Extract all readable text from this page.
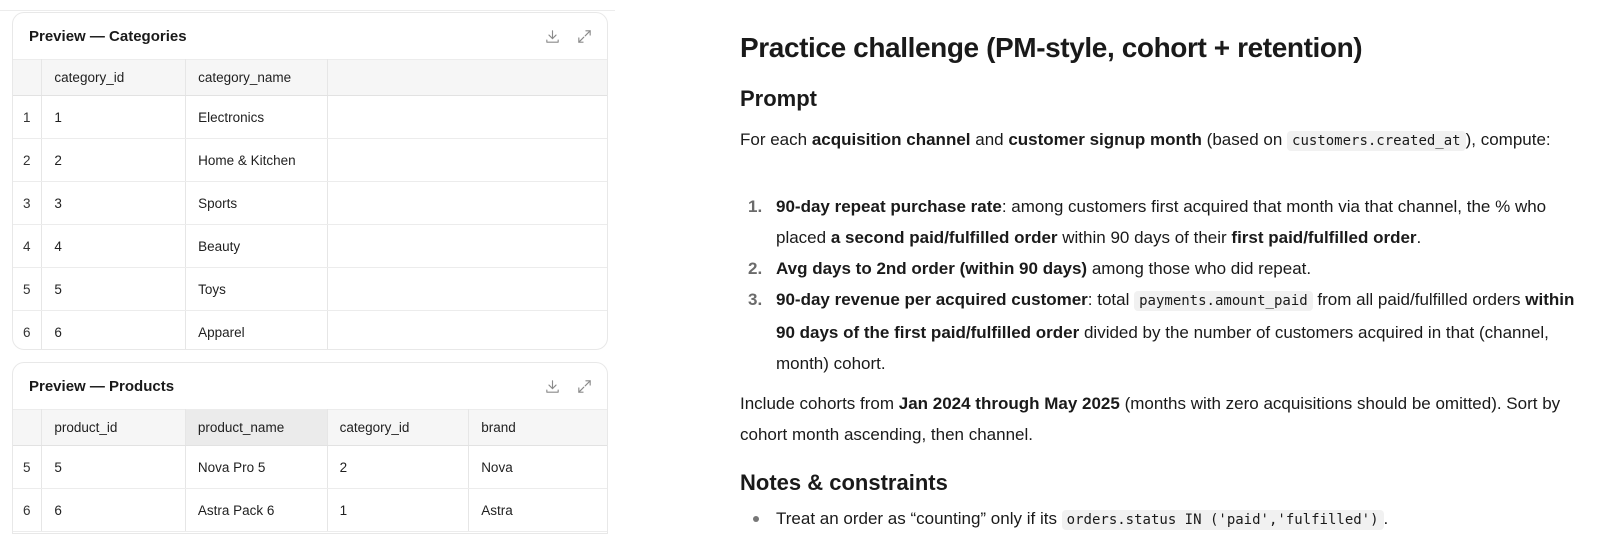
Preview — Categories
	category_id	category_name	
1	1	Electronics	
2	2	Home & Kitchen	
3	3	Sports	
4	4	Beauty	
5	5	Toys	
6	6	Apparel	
Preview — Products
	product_id	product_name	category_id	brand
5	5	Nova Pro 5	2	Nova
6	6	Astra Pack 6	1	Astra
Practice challenge (PM-style, cohort + retention)
Prompt

For each acquisition channel and customer signup month (based on customers.created_at ), compute:

1. 90-day repeat purchase rate: among customers first acquired that month via that channel, the % who placed a second paid/fulfilled order within 90 days of their first paid/fulfilled order.
2. Avg days to 2nd order (within 90 days) among those who did repeat.
3. 90-day revenue per acquired customer: total payments.amount_paid from all paid/fulfilled orders within 90 days of the first paid/fulfilled order divided by the number of customers acquired in that (channel, month) cohort.

Include cohorts from Jan 2024 through May 2025 (months with zero acquisitions should be omitted). Sort by cohort month ascending, then channel.

Notes & constraints
Treat an order as “counting” only if its orders.status IN ('paid','fulfilled') .
